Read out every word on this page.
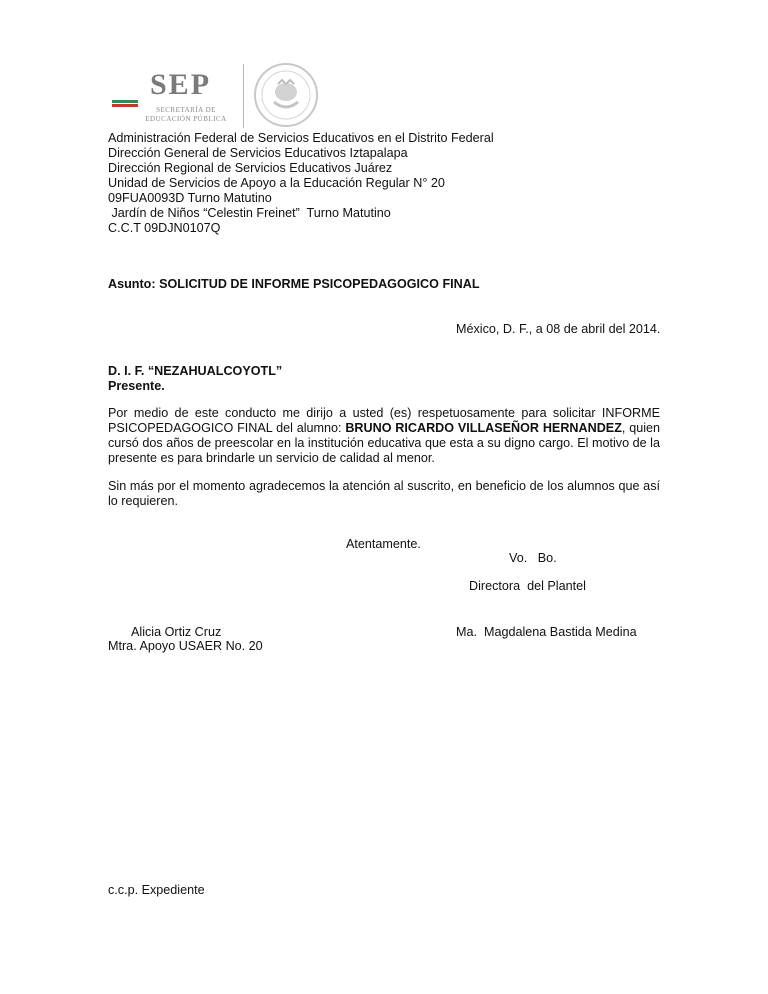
SEP
SECRETARÍA DE
EDUCACIÓN PÚBLICA

Administración Federal de Servicios Educativos en el Distrito Federal

Dirección General de Servicios Educativos Iztapalapa

Dirección Regional de Servicios Educativos Juárez

Unidad de Servicios de Apoyo a la Educación Regular N° 20

09FUA0093D Turno Matutino

Jardín de Niños “Celestin Freinet”  Turno Matutino

C.C.T 09DJN0107Q

Asunto: SOLICITUD DE INFORME PSICOPEDAGOGICO FINAL
México, D. F., a 08 de abril del 2014.

D. I. F. “NEZAHUALCOYOTL”

Presente.

Por medio de este conducto me dirijo a usted (es) respetuosamente para solicitar INFORME PSICOPEDAGOGICO FINAL del alumno: BRUNO RICARDO VILLASEÑOR HERNANDEZ, quien cursó dos años de preescolar en la institución educativa que esta a su digno cargo. El motivo de la presente es para brindarle un servicio de calidad al menor.
Sin más por el momento agradecemos la atención al suscrito, en beneficio de los alumnos que así lo requieren.
Atentamente.
Vo.   Bo.
Directora  del Plantel
Alicia Ortiz Cruz	Ma.  Magdalena Bastida Medina
Mtra. Apoyo USAER No. 20
c.c.p. Expediente
